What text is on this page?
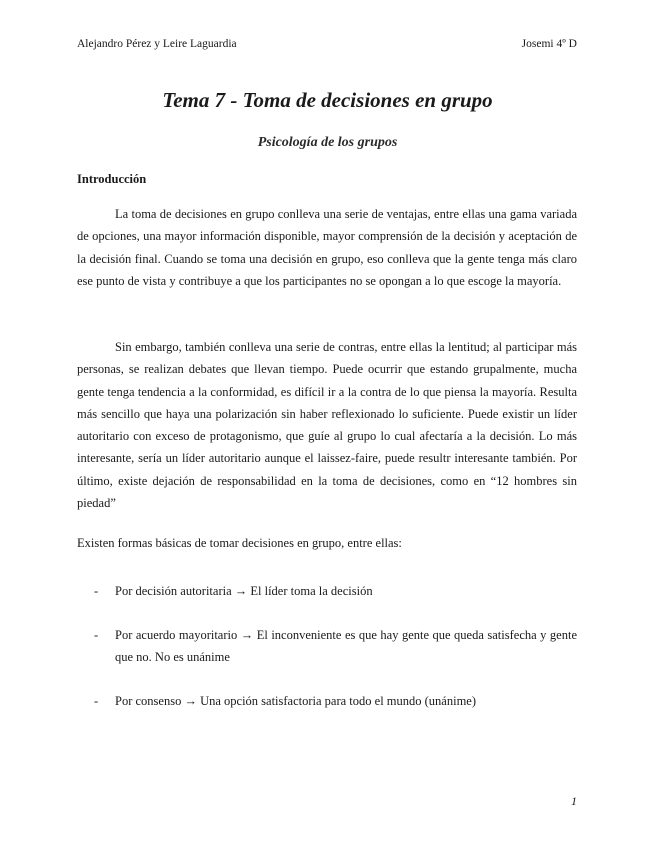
Alejandro Pérez y Leire Laguardia	Josemi 4º D
Tema 7 - Toma de decisiones en grupo
Psicología de los grupos
Introducción

La toma de decisiones en grupo conlleva una serie de ventajas, entre ellas una gama variada de opciones, una mayor información disponible, mayor comprensión de la decisión y aceptación de la decisión final. Cuando se toma una decisión en grupo, eso conlleva que la gente tenga más claro ese punto de vista y contribuye a que los participantes no se opongan a lo que escoge la mayoría.

Sin embargo, también conlleva una serie de contras, entre ellas la lentitud; al participar más personas, se realizan debates que llevan tiempo. Puede ocurrir que estando grupalmente, mucha gente tenga tendencia a la conformidad, es difícil ir a la contra de lo que piensa la mayoría. Resulta más sencillo que haya una polarización sin haber reflexionado lo suficiente. Puede existir un líder autoritario con exceso de protagonismo, que guíe al grupo lo cual afectaría a la decisión. Lo más interesante, sería un líder autoritario aunque el laissez-faire, puede resultr interesante también. Por último, existe dejación de responsabilidad en la toma de decisiones, como en “12 hombres sin piedad”

Existen formas básicas de tomar decisiones en grupo, entre ellas:

- Por decisión autoritaria → El líder toma la decisión
- Por acuerdo mayoritario → El inconveniente es que hay gente que queda satisfecha y gente que no. No es unánime
- Por consenso → Una opción satisfactoria para todo el mundo (unánime)
1
